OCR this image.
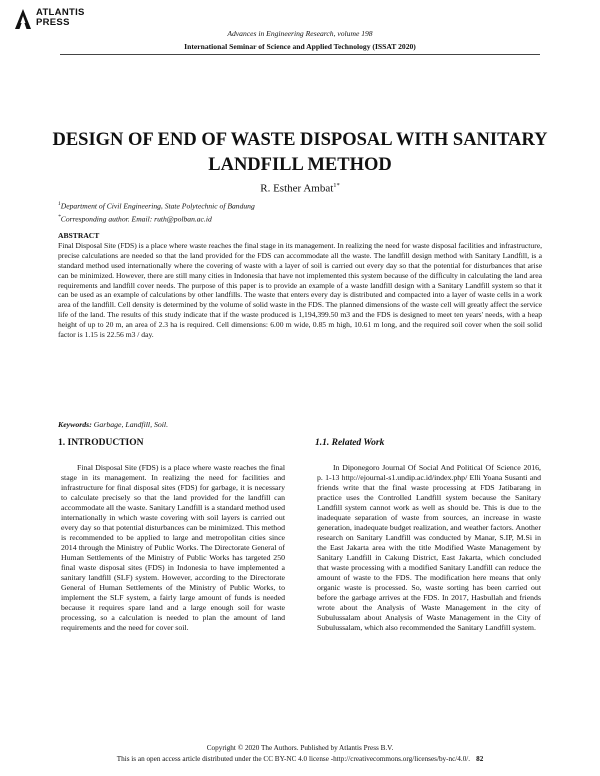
ATLANTIS
PRESS
Advances in Engineering Research, volume 198
International Seminar of Science and Applied Technology (ISSAT 2020)
DESIGN OF END OF WASTE DISPOSAL WITH SANITARY LANDFILL METHOD
R. Esther Ambat$^{1*}$
$^1$Department of Civil Engineering, State Polytechnic of Bandung
*Corresponding author. Email: ruth@polban.ac.id
ABSTRACT
Final Disposal Site (FDS) is a place where waste reaches the final stage in its management. In realizing the need for waste disposal facilities and infrastructure, precise calculations are needed so that the land provided for the FDS can accommodate all the waste. The landfill design method with Sanitary Landfill, is a standard method used internationally where the covering of waste with a layer of soil is carried out every day so that the potential for disturbances that arise can be minimized. However, there are still many cities in Indonesia that have not implemented this system because of the difficulty in calculating the land area requirements and landfill cover needs. The purpose of this paper is to provide an example of a waste landfill design with a Sanitary Landfill system so that it can be used as an example of calculations by other landfills. The waste that enters every day is distributed and compacted into a layer of waste cells in a work area of the landfill. Cell density is determined by the volume of solid waste in the FDS. The planned dimensions of the waste cell will greatly affect the service life of the land. The results of this study indicate that if the waste produced is 1,194,399.50 m3 and the FDS is designed to meet ten years' needs, with a heap height of up to 20 m, an area of 2.3 ha is required. Cell dimensions: 6.00 m wide, 0.85 m high, 10.61 m long, and the required soil cover when the soil solid factor is 1.15 is 22.56 m3 / day.
Keywords: Garbage, Landfill, Soil.
1. INTRODUCTION	1.1. Related Work

Final Disposal Site (FDS) is a place where waste reaches the final stage in its management. In realizing the need for facilities and infrastructure for final disposal sites (FDS) for garbage, it is necessary to calculate precisely so that the land provided for the landfill can accommodate all the waste. Sanitary Landfill is a standard method used internationally in which waste covering with soil layers is carried out every day so that potential disturbances can be minimized. This method is recommended to be applied to large and metropolitan cities since 2014 through the Ministry of Public Works. The Directorate General of Human Settlements of the Ministry of Public Works has targeted 250 final waste disposal sites (FDS) in Indonesia to have implemented a sanitary landfill (SLF) system. However, according to the Directorate General of Human Settlements of the Ministry of Public Works, to implement the SLF system, a fairly large amount of funds is needed because it requires spare land and a large enough soil for waste processing, so a calculation is needed to plan the amount of land requirements and the need for cover soil.

In Diponegoro Journal Of Social And Political Of Science 2016, p. 1-13 http://ejournal-s1.undip.ac.id/index.php/ Elli Yoana Susanti and friends write that the final waste processing at FDS Jatibarang in practice uses the Controlled Landfill system because the Sanitary Landfill system cannot work as well as should be. This is due to the inadequate separation of waste from sources, an increase in waste generation, inadequate budget realization, and weather factors. Another research on Sanitary Landfill was conducted by Manar, S.IP, M.Si in the East Jakarta area with the title Modified Waste Management by Sanitary Landfill in Cakung District, East Jakarta, which concluded that waste processing with a modified Sanitary Landfill can reduce the amount of waste to the FDS. The modification here means that only organic waste is processed. So, waste sorting has been carried out before the garbage arrives at the FDS. In 2017, Hasbullah and friends wrote about the Analysis of Waste Management in the city of Subulussalam about Analysis of Waste Management in the City of Subulussalam, which also recommended the Sanitary Landfill system.

Copyright © 2020 The Authors. Published by Atlantis Press B.V.
This is an open access article distributed under the CC BY-NC 4.0 license -http://creativecommons.org/licenses/by-nc/4.0/. 82
